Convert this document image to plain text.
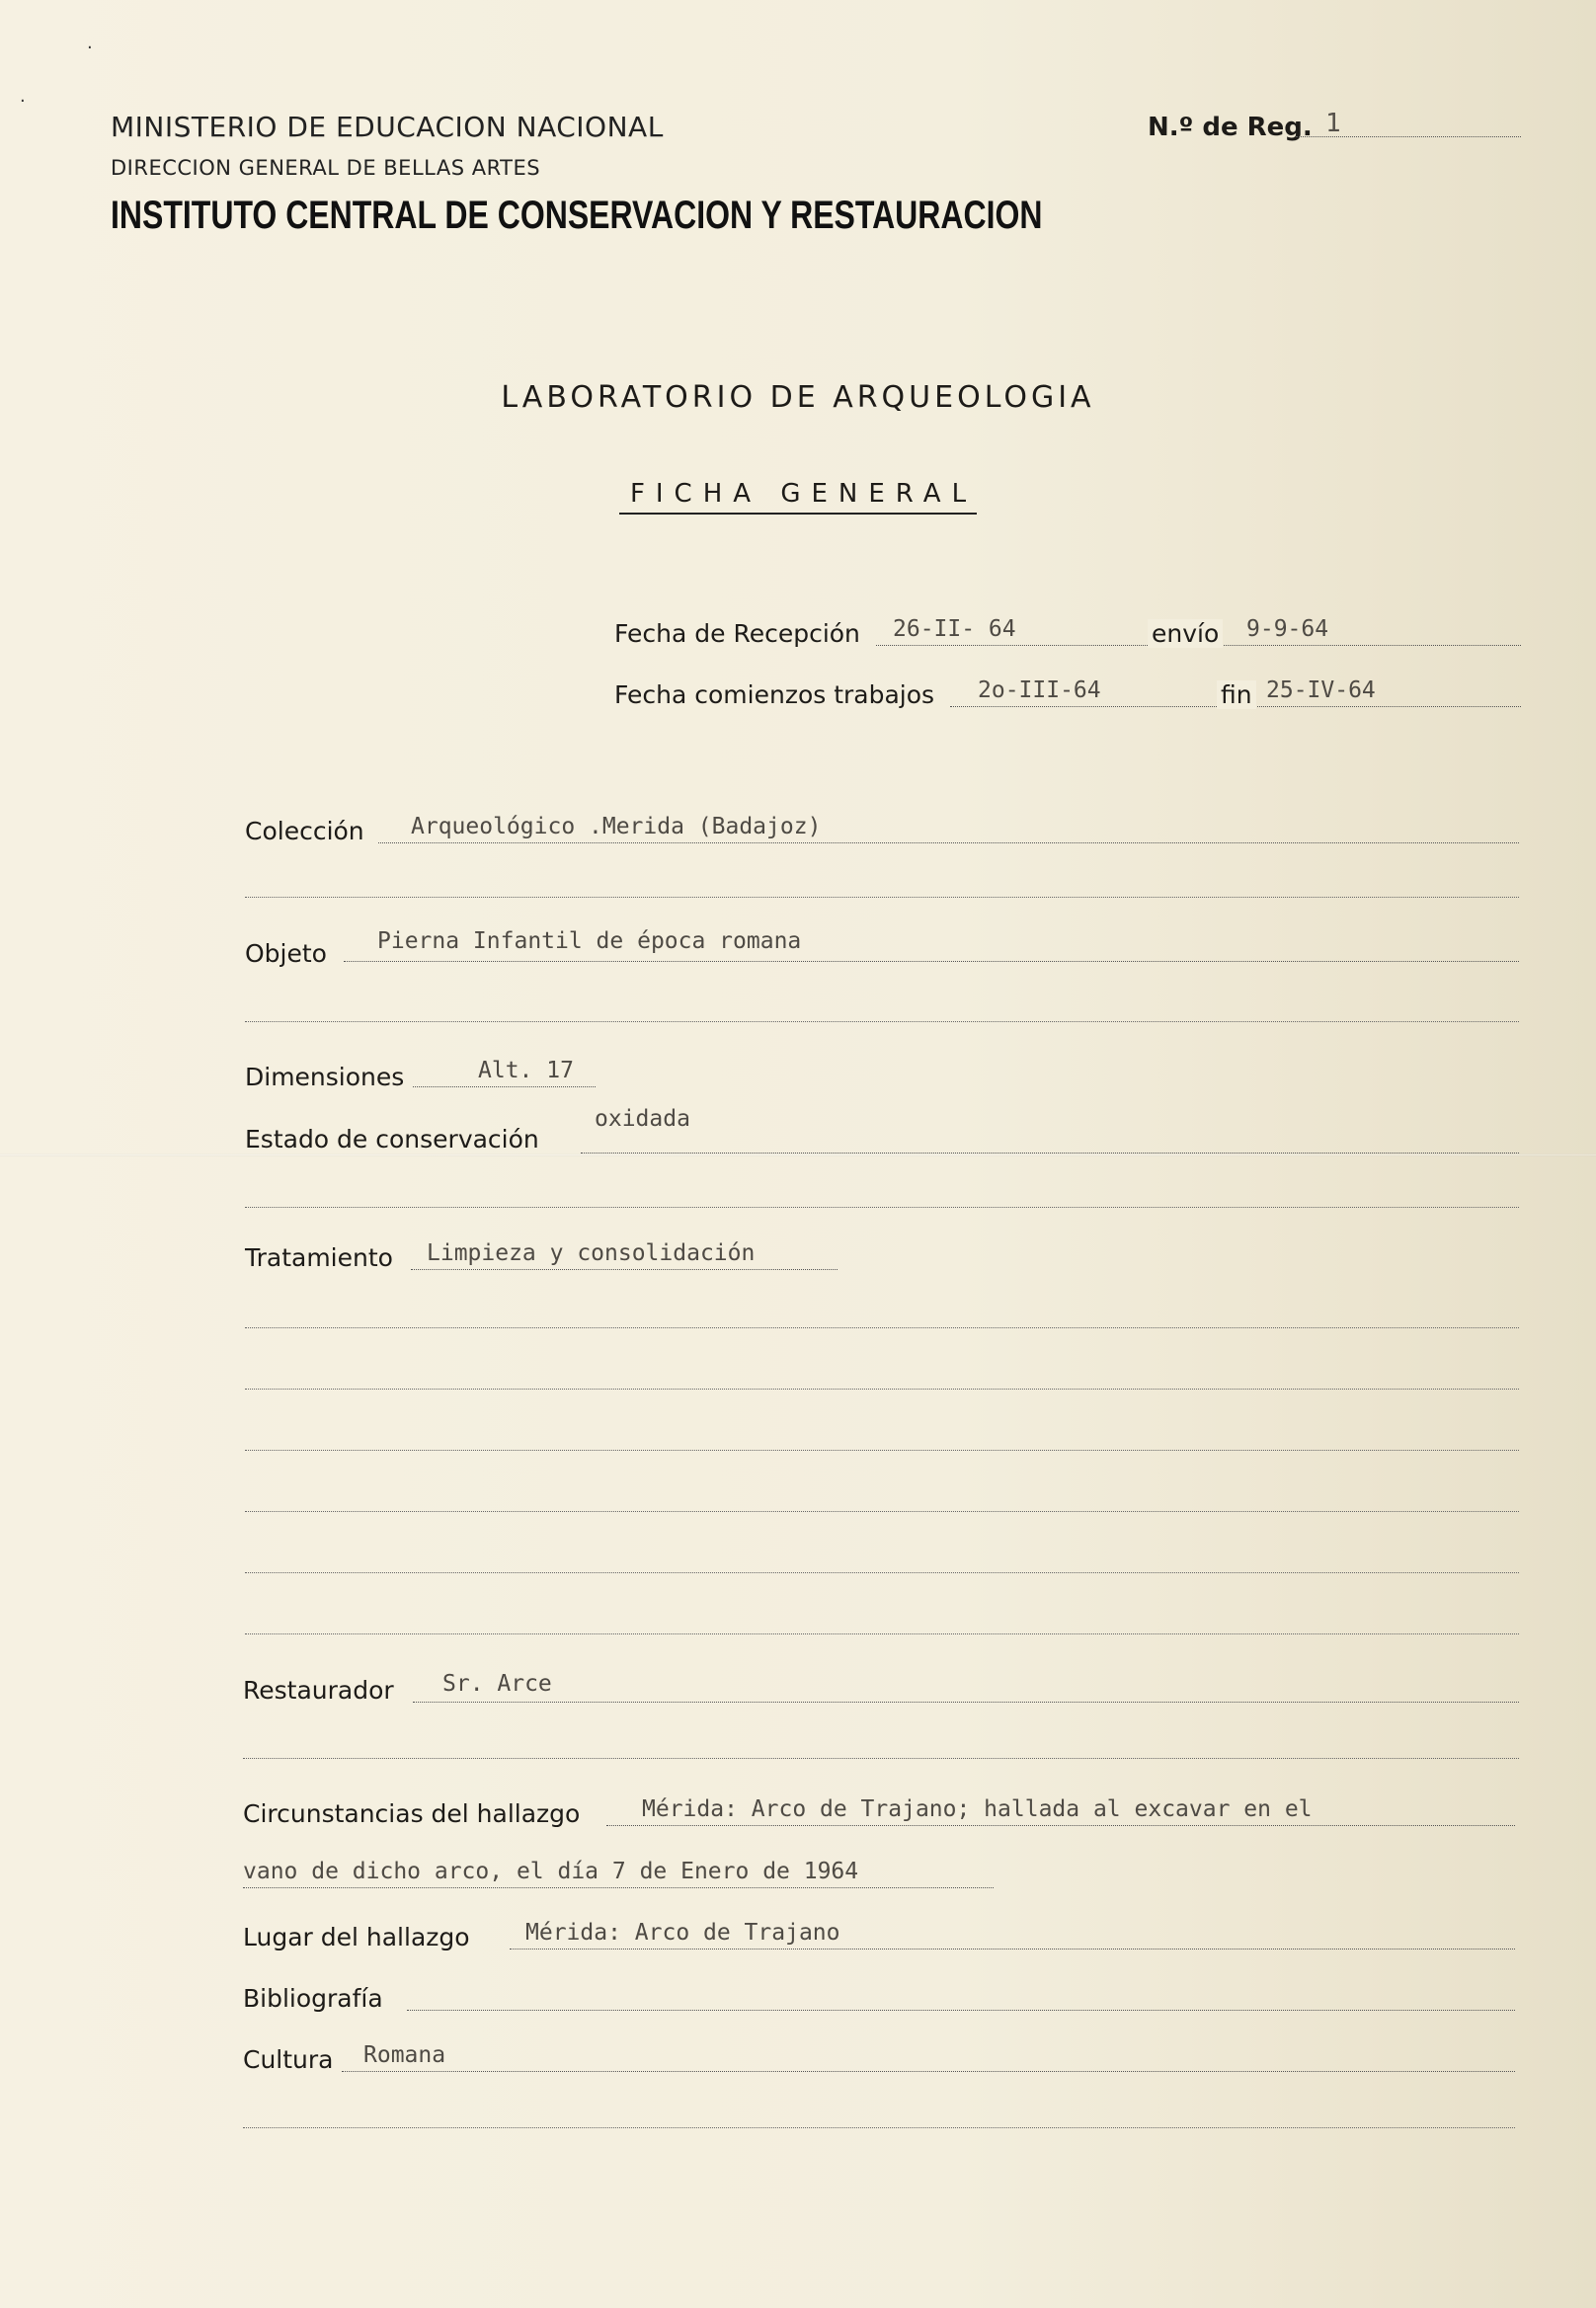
·
·
MINISTERIO DE EDUCACION NACIONAL
DIRECCION GENERAL DE BELLAS ARTES
INSTITUTO CENTRAL DE CONSERVACION Y RESTAURACION
N.º de Reg. 1
LABORATORIO DE ARQUEOLOGIA
FICHA GENERAL
Fecha de Recepción 26-II- 64	envío 9-9-64
Fecha comienzos trabajos 2o-III-64	fin 25-IV-64
Colección Arqueológico .Merida (Badajoz)
Objeto Pierna Infantil de época romana
Dimensiones	Alt. 17
Estado de conservación
oxidada
Tratamiento Limpieza y consolidación
Restaurador Sr. Arce
Circunstancias del hallazgo	Mérida: Arco de Trajano; hallada al excavar en el
vano de dicho arco, el día 7 de Enero de 1964
Lugar del hallazgo Mérida: Arco de Trajano
Bibliografía
Cultura Romana
